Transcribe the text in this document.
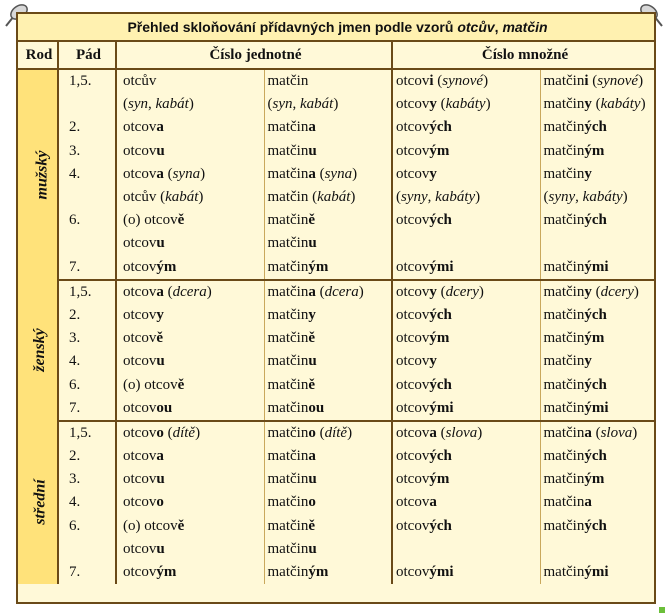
Přehled skloňování přídavných jmen podle vzorů otcův, matčin					
Rod	Pád	Číslo jednotné		Číslo množné	
mužský	1,5.	otcův	matčin	otcovi (synové)	matčini (synové)
		(syn, kabát)	(syn, kabát)	otcovy (kabáty)	matčiny (kabáty)
	2.	otcova	matčina	otcových	matčiných
	3.	otcovu	matčinu	otcovým	matčiným
	4.	otcova (syna)	matčina (syna)	otcovy	matčiny
		otcův (kabát)	matčin (kabát)	(syny, kabáty)	(syny, kabáty)
	6.	(o) otcově	matčině	otcových	matčiných
		otcovu	matčinu		
	7.	otcovým	matčiným	otcovými	matčinými
ženský	1,5.	otcova (dcera)	matčina (dcera)	otcovy (dcery)	matčiny (dcery)
	2.	otcovy	matčiny	otcových	matčiných
	3.	otcově	matčině	otcovým	matčiným
	4.	otcovu	matčinu	otcovy	matčiny
	6.	(o) otcově	matčině	otcových	matčiných
	7.	otcovou	matčinou	otcovými	matčinými
střední	1,5.	otcovo (dítě)	matčino (dítě)	otcova (slova)	matčina (slova)
	2.	otcova	matčina	otcových	matčiných
	3.	otcovu	matčinu	otcovým	matčiným
	4.	otcovo	matčino	otcova	matčina
	6.	(o) otcově	matčině	otcových	matčiných
		otcovu	matčinu		
	7.	otcovým	matčiným	otcovými	matčinými
